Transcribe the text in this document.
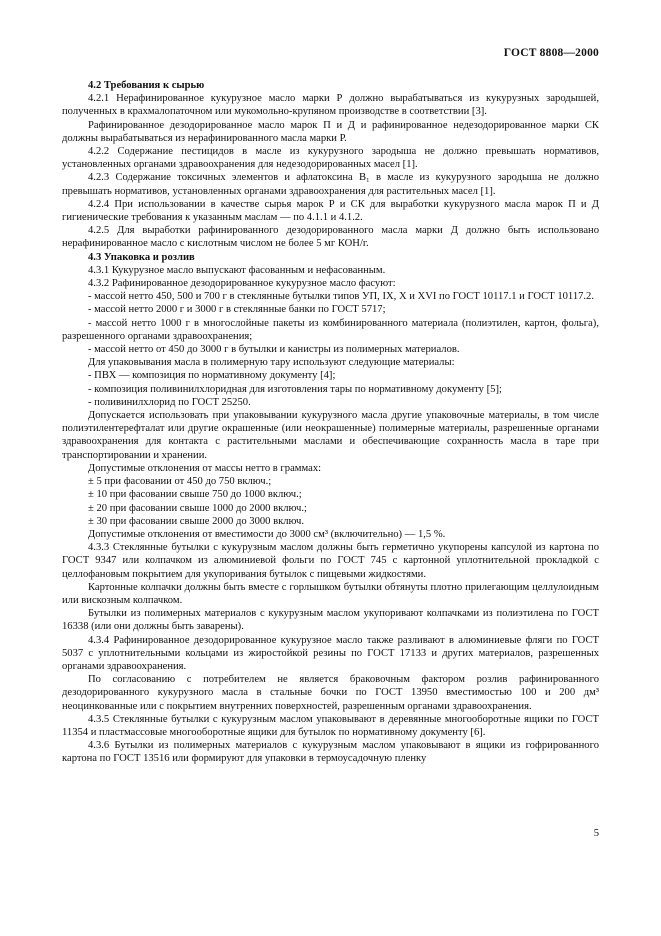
ГОСТ 8808—2000

4.2 Требования к сырью

4.2.1 Нерафинированное кукурузное масло марки Р должно вырабатываться из кукурузных зародышей, полученных в крахмалопаточном или мукомольно-крупяном производстве в соответствии [3].

Рафинированное дезодорированное масло марок П и Д и рафинированное недезодорированное марки СК должны вырабатываться из нерафинированного масла марки Р.

4.2.2 Содержание пестицидов в масле из кукурузного зародыша не должно превышать нормативов, установленных органами здравоохранения для недезодорированных масел [1].

4.2.3 Содержание токсичных элементов и афлатоксина B₁ в масле из кукурузного зародыша не должно превышать нормативов, установленных органами здравоохранения для растительных масел [1].

4.2.4 При использовании в качестве сырья марок Р и СК для выработки кукурузного масла марок П и Д гигиенические требования к указанным маслам — по 4.1.1 и 4.1.2.

4.2.5 Для выработки рафинированного дезодорированного масла марки Д должно быть использовано нерафинированное масло с кислотным числом не более 5 мг КОН/г.

4.3 Упаковка и розлив

4.3.1 Кукурузное масло выпускают фасованным и нефасованным.

4.3.2 Рафинированное дезодорированное кукурузное масло фасуют:

- массой нетто 450, 500 и 700 г в стеклянные бутылки типов УП, IX, X и XVI по ГОСТ 10117.1 и ГОСТ 10117.2.

- массой нетто 2000 г и 3000 г в стеклянные банки по ГОСТ 5717;

- массой нетто 1000 г в многослойные пакеты из комбинированного материала (полиэтилен, картон, фольга), разрешенного органами здравоохранения;

- массой нетто от 450 до 3000 г в бутылки и канистры из полимерных материалов.

Для упаковывания масла в полимерную тару используют следующие материалы:

- ПВХ — композиция по нормативному документу [4];

- композиция поливинилхлоридная для изготовления тары по нормативному документу [5];

- поливинилхлорид по ГОСТ 25250.

Допускается использовать при упаковывании кукурузного масла другие упаковочные материалы, в том числе полиэтилентерефталат или другие окрашенные (или неокрашенные) полимерные материалы, разрешенные органами здравоохранения для контакта с растительными маслами и обеспечивающие сохранность масла в таре при транспортировании и хранении.

Допустимые отклонения от массы нетто в граммах:

± 5 при фасовании от 450 до 750 включ.;

± 10 при фасовании свыше 750 до 1000 включ.;

± 20 при фасовании свыше 1000 до 2000 включ.;

± 30 при фасовании свыше 2000 до 3000 включ.

Допустимые отклонения от вместимости до 3000 см³ (включительно) — 1,5 %.

4.3.3 Стеклянные бутылки с кукурузным маслом должны быть герметично укупорены капсулой из картона по ГОСТ 9347 или колпачком из алюминиевой фольги по ГОСТ 745 с картонной уплотнительной прокладкой с целлофановым покрытием для укупоривания бутылок с пищевыми жидкостями.

Картонные колпачки должны быть вместе с горлышком бутылки обтянуты плотно прилегающим целлулоидным или вискозным колпачком.

Бутылки из полимерных материалов с кукурузным маслом укупоривают колпачками из полиэтилена по ГОСТ 16338 (или они должны быть заварены).

4.3.4 Рафинированное дезодорированное кукурузное масло также разливают в алюминиевые фляги по ГОСТ 5037 с уплотнительными кольцами из жиростойкой резины по ГОСТ 17133 и других материалов, разрешенных органами здравоохранения.

По согласованию с потребителем не является браковочным фактором розлив рафинированного дезодорированного кукурузного масла в стальные бочки по ГОСТ 13950 вместимостью 100 и 200 дм³ неоцинкованные или с покрытием внутренних поверхностей, разрешенным органами здравоохранения.

4.3.5 Стеклянные бутылки с кукурузным маслом упаковывают в деревянные многооборотные ящики по ГОСТ 11354 и пластмассовые многооборотные ящики для бутылок по нормативному документу [6].

4.3.6 Бутылки из полимерных материалов с кукурузным маслом упаковывают в ящики из гофрированного картона по ГОСТ 13516 или формируют для упаковки в термоусадочную пленку

5
